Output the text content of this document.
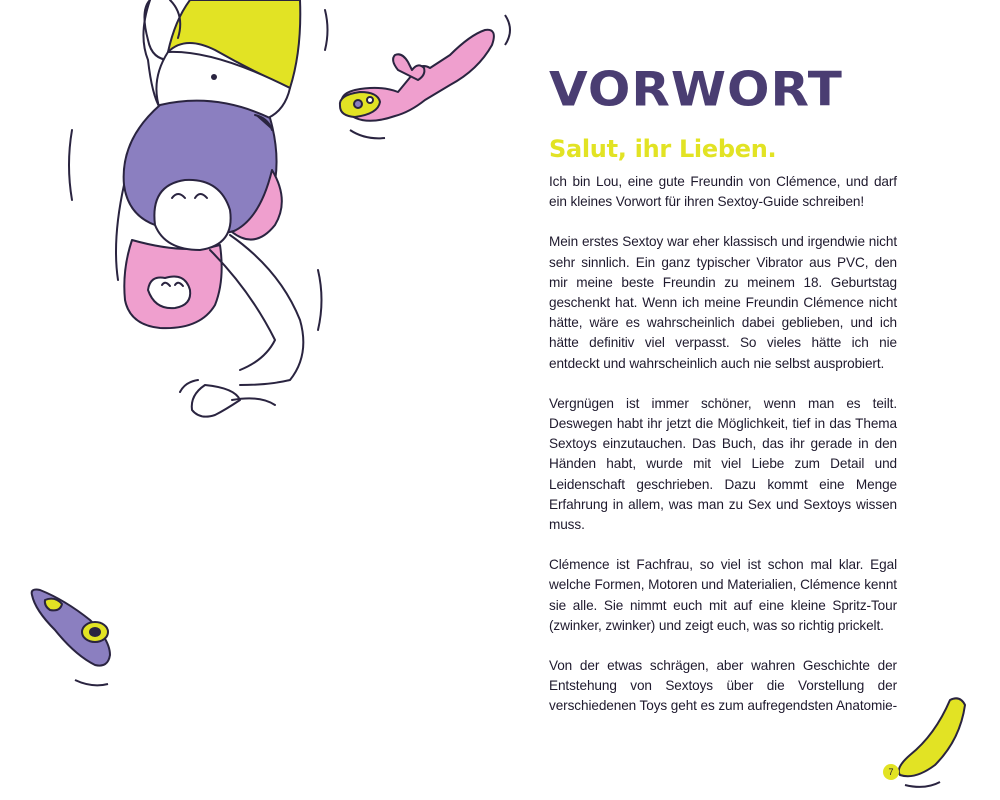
VORWORT
Salut, ihr Lieben.

Ich bin Lou, eine gute Freundin von Clémence, und darf ein kleines Vorwort für ihren Sextoy-Guide schreiben!

Mein erstes Sextoy war eher klassisch und irgendwie nicht sehr sinnlich. Ein ganz typischer Vibrator aus PVC, den mir meine beste Freundin zu meinem 18. Geburtstag geschenkt hat. Wenn ich meine Freundin Clémence nicht hätte, wäre es wahrscheinlich dabei geblieben, und ich hätte definitiv viel verpasst. So vieles hätte ich nie entdeckt und wahrscheinlich auch nie selbst ausprobiert.

Vergnügen ist immer schöner, wenn man es teilt. Deswegen habt ihr jetzt die Möglichkeit, tief in das Thema Sextoys einzutauchen. Das Buch, das ihr gerade in den Händen habt, wurde mit viel Liebe zum Detail und Leidenschaft geschrieben. Dazu kommt eine Menge Erfahrung in allem, was man zu Sex und Sextoys wissen muss.

Clémence ist Fachfrau, so viel ist schon mal klar. Egal welche Formen, Motoren und Materialien, Clémence kennt sie alle. Sie nimmt euch mit auf eine kleine Spritz-Tour (zwinker, zwinker) und zeigt euch, was so richtig prickelt.

Von der etwas schrägen, aber wahren Geschichte der Entstehung von Sextoys über die Vorstellung der verschiedenen Toys geht es zum aufregendsten Anatomie-

7
